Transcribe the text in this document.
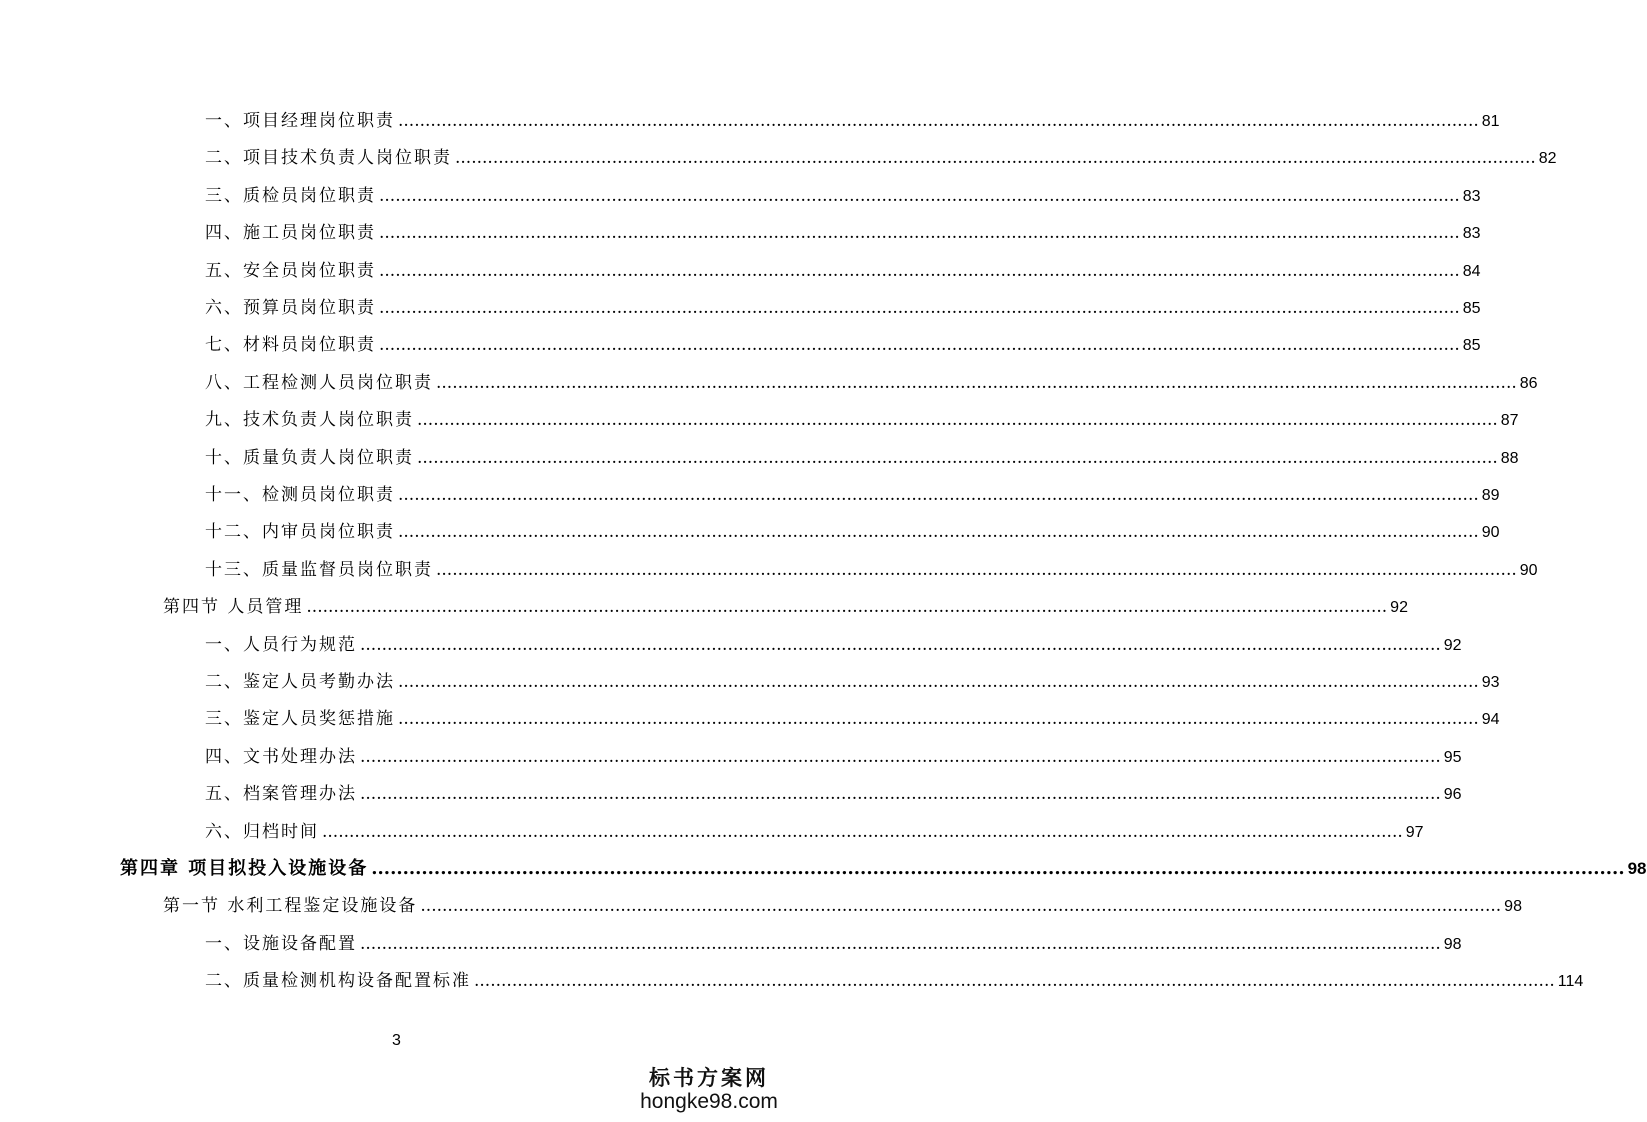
一、项目经理岗位职责 ........................................................................................................................................................................................................ 81
二、项目技术负责人岗位职责 ........................................................................................................................................................................................................ 82
三、质检员岗位职责 ........................................................................................................................................................................................................ 83
四、施工员岗位职责 ........................................................................................................................................................................................................ 83
五、安全员岗位职责 ........................................................................................................................................................................................................ 84
六、预算员岗位职责 ........................................................................................................................................................................................................ 85
七、材料员岗位职责 ........................................................................................................................................................................................................ 85
八、工程检测人员岗位职责 ........................................................................................................................................................................................................ 86
九、技术负责人岗位职责 ........................................................................................................................................................................................................ 87
十、质量负责人岗位职责 ........................................................................................................................................................................................................ 88
十一、检测员岗位职责 ........................................................................................................................................................................................................ 89
十二、内审员岗位职责 ........................................................................................................................................................................................................ 90
十三、质量监督员岗位职责 ........................................................................................................................................................................................................ 90
第四节 人员管理 ........................................................................................................................................................................................................ 92
一、人员行为规范 ........................................................................................................................................................................................................ 92
二、鉴定人员考勤办法 ........................................................................................................................................................................................................ 93
三、鉴定人员奖惩措施 ........................................................................................................................................................................................................ 94
四、文书处理办法 ........................................................................................................................................................................................................ 95
五、档案管理办法 ........................................................................................................................................................................................................ 96
六、归档时间 ........................................................................................................................................................................................................ 97
第四章 项目拟投入设施设备 ........................................................................................................................................................................................................ 98
第一节 水利工程鉴定设施设备 ........................................................................................................................................................................................................ 98
一、设施设备配置 ........................................................................................................................................................................................................ 98
二、质量检测机构设备配置标准 ........................................................................................................................................................................................................ 114
3
标书方案网
hongke98.com
